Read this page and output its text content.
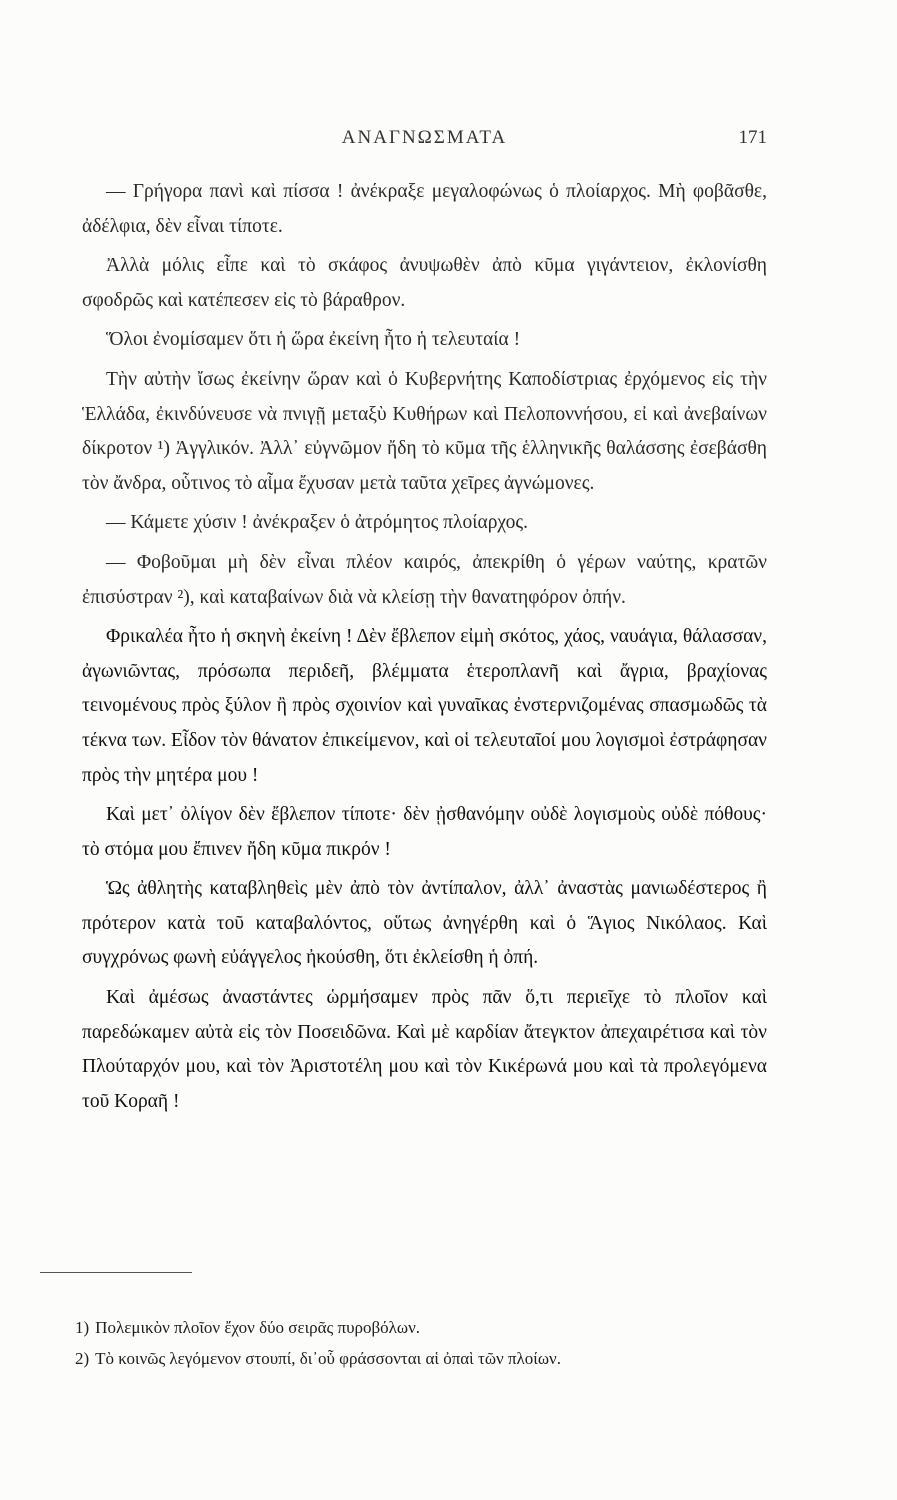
ΑΝΑΓΝΩΣΜΑΤΑ	171

— Γρήγορα πανὶ καὶ πίσσα ! ἀνέκραξε μεγαλοφώνως ὁ πλοίαρχος. Μὴ φοβᾶσθε, ἀδέλφια, δὲν εἶναι τίποτε.

Ἀλλὰ μόλις εἶπε καὶ τὸ σκάφος ἀνυψωθὲν ἀπὸ κῦμα γιγάντειον, ἐκλονίσθη σφοδρῶς καὶ κατέπεσεν εἰς τὸ βάραθρον.

Ὅλοι ἐνομίσαμεν ὅτι ἡ ὥρα ἐκείνη ἦτο ἡ τελευταία !

Τὴν αὐτὴν ἴσως ἐκείνην ὥραν καὶ ὁ Κυβερνήτης Καποδίστριας ἐρχόμενος εἰς τὴν Ἑλλάδα, ἐκινδύνευσε νὰ πνιγῇ μεταξὺ Κυθήρων καὶ Πελοποννήσου, εἰ καὶ ἀνεβαίνων δίκροτον ¹) Ἀγγλικόν. Ἀλλ᾽ εὐγνῶμον ἤδη τὸ κῦμα τῆς ἑλληνικῆς θαλάσσης ἐσεβάσθη τὸν ἄνδρα, οὗτινος τὸ αἷμα ἔχυσαν μετὰ ταῦτα χεῖρες ἀγνώμονες.

— Κάμετε χύσιν ! ἀνέκραξεν ὁ ἀτρόμητος πλοίαρχος.

— Φοβοῦμαι μὴ δὲν εἶναι πλέον καιρός, ἀπεκρίθη ὁ γέρων ναύτης, κρατῶν ἐπισύστραν ²), καὶ καταβαίνων διὰ νὰ κλείσῃ τὴν θανατηφόρον ὀπήν.

Φρικαλέα ἦτο ἡ σκηνὴ ἐκείνη ! Δὲν ἔβλεπον εἰμὴ σκότος, χάος, ναυάγια, θάλασσαν, ἀγωνιῶντας, πρόσωπα περιδεῆ, βλέμματα ἑτεροπλανῆ καὶ ἄγρια, βραχίονας τεινομένους πρὸς ξύλον ἢ πρὸς σχοινίον καὶ γυναῖκας ἐνστερνιζομένας σπασμωδῶς τὰ τέκνα των. Εἶδον τὸν θάνατον ἐπικείμενον, καὶ οἱ τελευταῖοί μου λογισμοὶ ἐστράφησαν πρὸς τὴν μητέρα μου !

Καὶ μετ᾽ ὀλίγον δὲν ἔβλεπον τίποτε· δὲν ᾐσθανόμην οὐδὲ λογισμοὺς οὐδὲ πόθους· τὸ στόμα μου ἔπινεν ἤδη κῦμα πικρόν !

Ὡς ἀθλητὴς καταβληθεὶς μὲν ἀπὸ τὸν ἀντίπαλον, ἀλλ᾽ ἀναστὰς μανιωδέστερος ἢ πρότερον κατὰ τοῦ καταβαλόντος, οὕτως ἀνηγέρθη καὶ ὁ Ἅγιος Νικόλαος. Καὶ συγχρόνως φωνὴ εὐάγγελος ἠκούσθη, ὅτι ἐκλείσθη ἡ ὀπή.

Καὶ ἀμέσως ἀναστάντες ὡρμήσαμεν πρὸς πᾶν ὅ,τι περιεῖχε τὸ πλοῖον καὶ παρεδώκαμεν αὐτὰ εἰς τὸν Ποσειδῶνα. Καὶ μὲ καρδίαν ἄτεγκτον ἀπεχαιρέτισα καὶ τὸν Πλούταρχόν μου, καὶ τὸν Ἀριστοτέλη μου καὶ τὸν Κικέρωνά μου καὶ τὰ προλεγόμενα τοῦ Κοραῆ !

1) Πολεμικὸν πλοῖον ἔχον δύο σειρᾶς πυροβόλων.

2) Τὸ κοινῶς λεγόμενον στουπί, δι᾽οὗ φράσσονται αἱ ὀπαὶ τῶν πλοίων.
